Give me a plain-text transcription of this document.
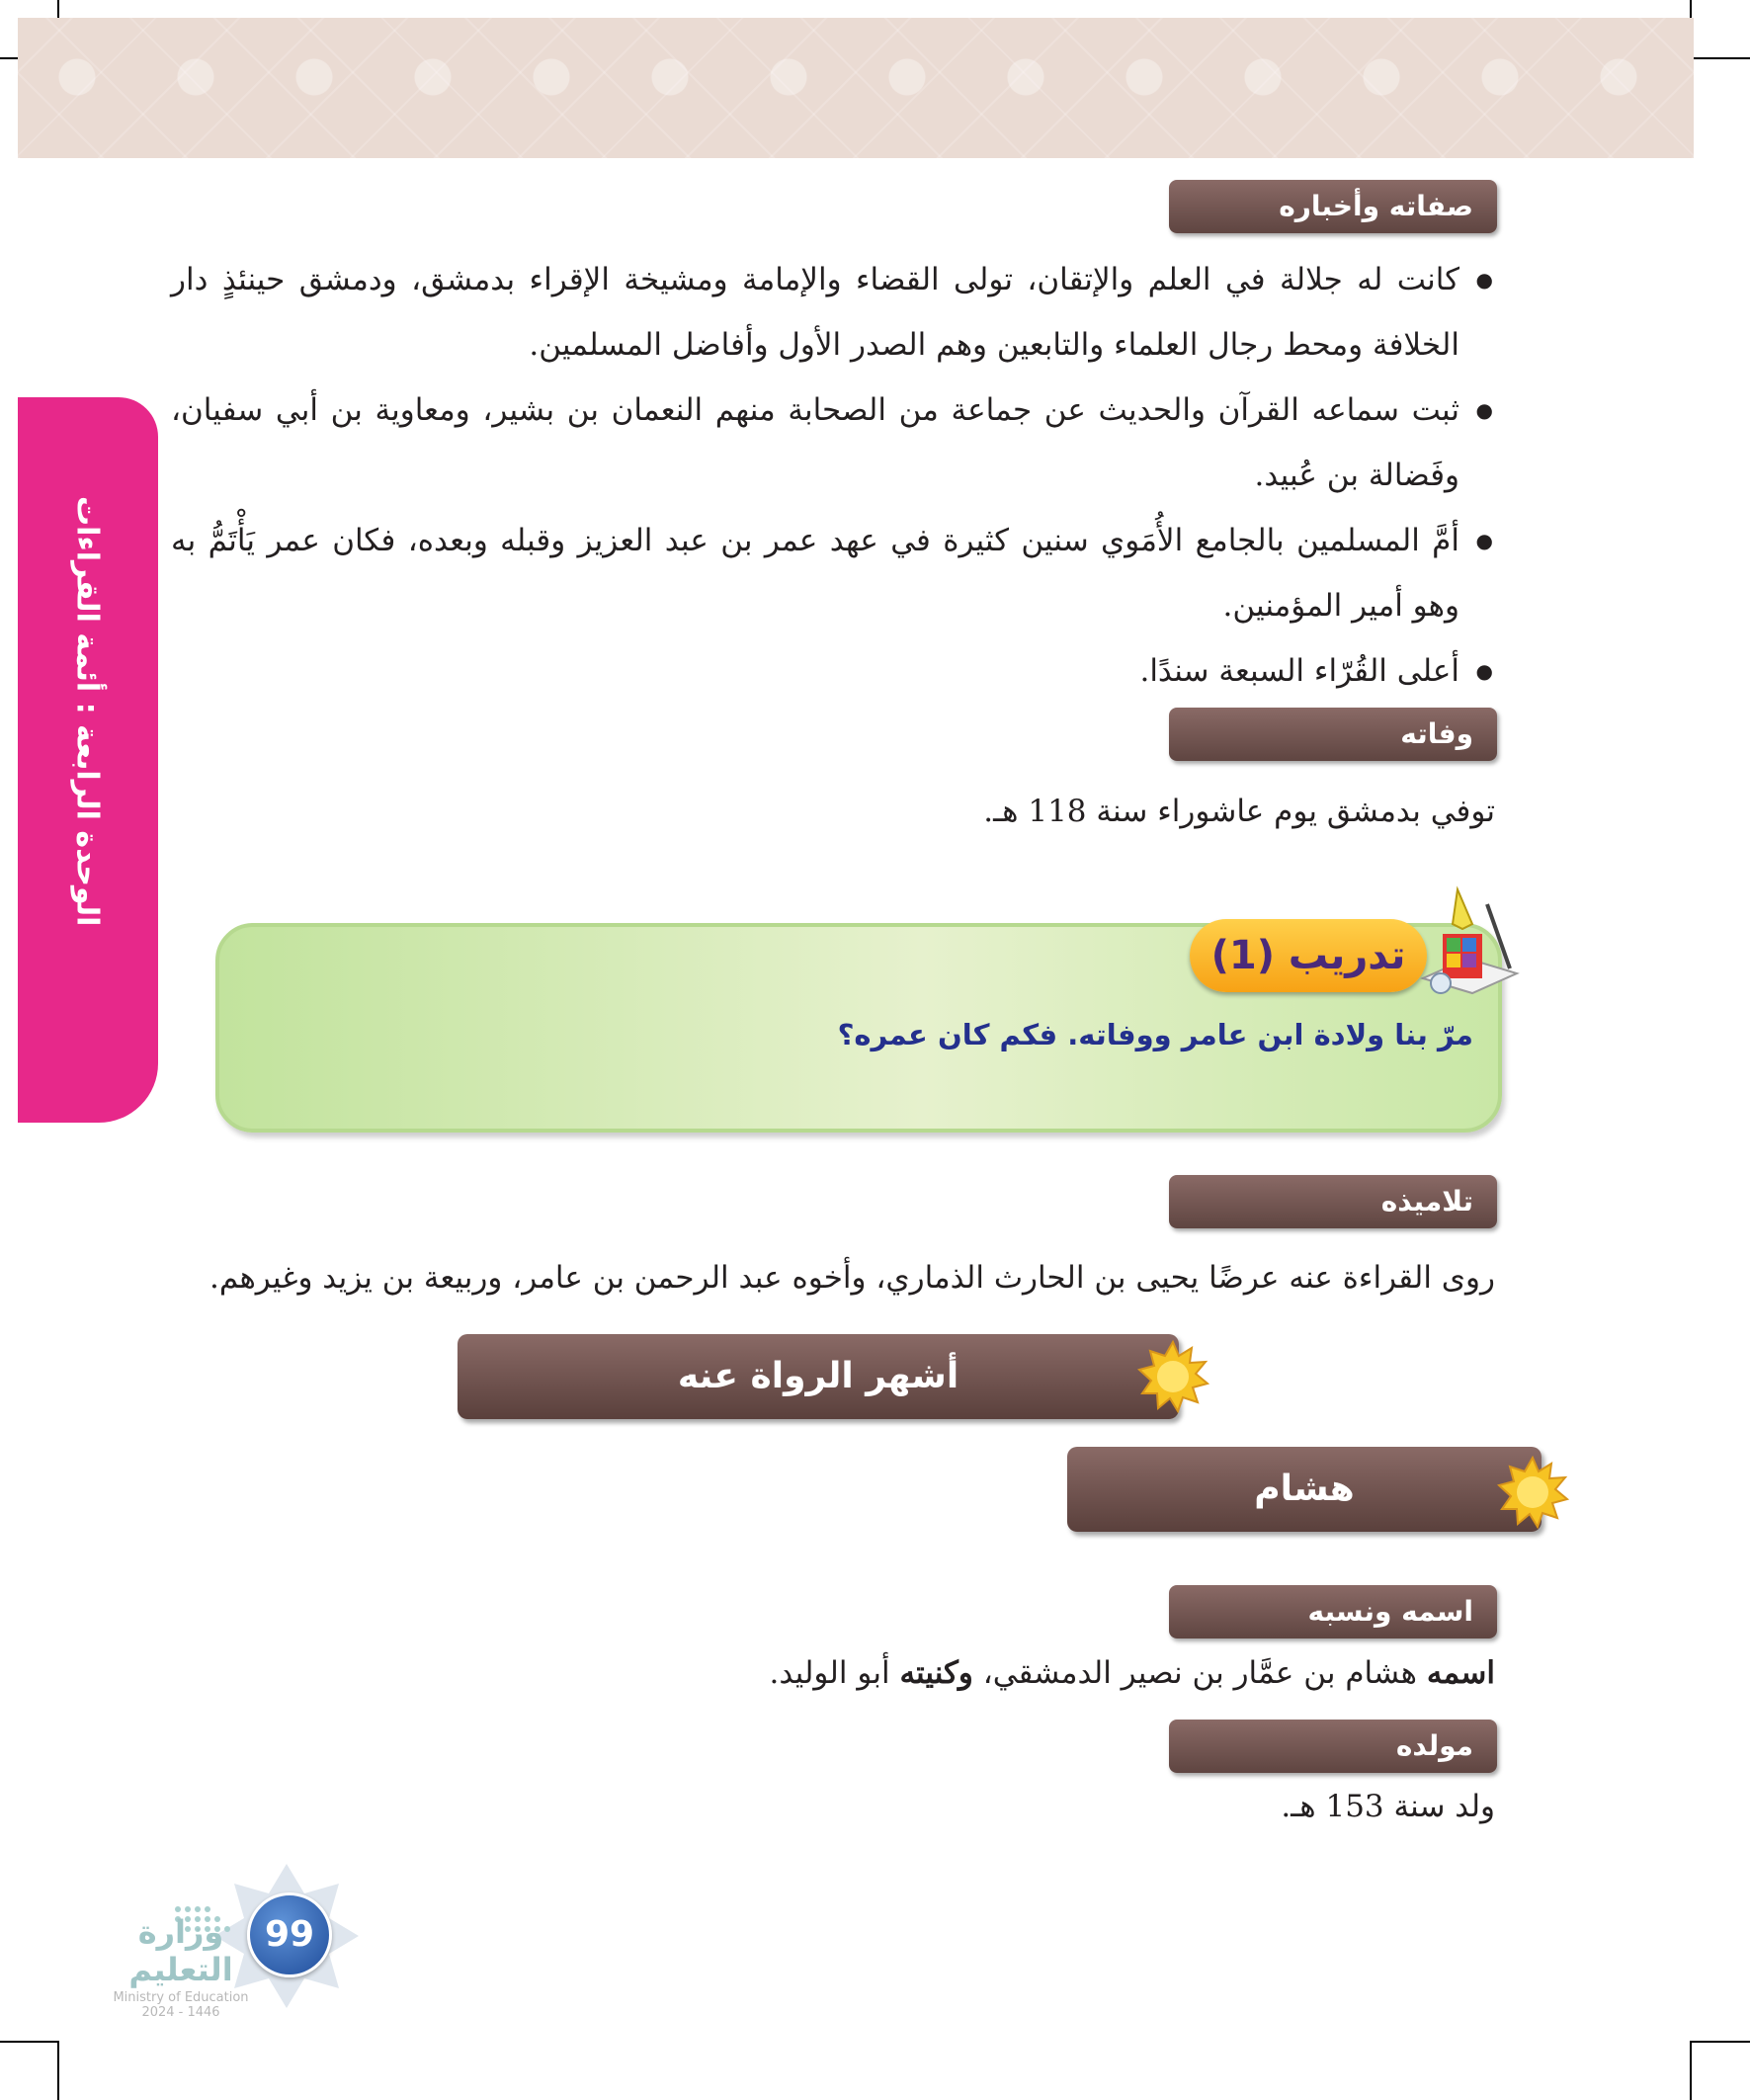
الوحدة الرابعة : أئمة القراءات
صفاته وأخباره
● كانت له جلالة في العلم والإتقان، تولى القضاء والإمامة ومشيخة الإقراء بدمشق، ودمشق حينئذٍ دار الخلافة ومحط رجال العلماء والتابعين وهم الصدر الأول وأفاضل المسلمين.
● ثبت سماعه القرآن والحديث عن جماعة من الصحابة منهم النعمان بن بشير، ومعاوية بن أبي سفيان، وفَضالة بن عُبيد.
● أمَّ المسلمين بالجامع الأُمَوي سنين كثيرة في عهد عمر بن عبد العزيز وقبله وبعده، فكان عمر يَأْتَمُّ به وهو أمير المؤمنين.
● أعلى القُرّاء السبعة سندًا.
وفاته
توفي بدمشق يوم عاشوراء سنة 118 هـ.
تدريب (1)
مرّ بنا ولادة ابن عامر ووفاته. فكم كان عمره؟
تلاميذه
روى القراءة عنه عرضًا يحيى بن الحارث الذماري، وأخوه عبد الرحمن بن عامر، وربيعة بن يزيد وغيرهم.
أشهر الرواة عنه
هشام
اسمه ونسبه
اسمه هشام بن عمَّار بن نصير الدمشقي، وكنيته أبو الوليد.
مولده
ولد سنة 153 هـ.
99
وزارة التعليم
Ministry of Education
2024 - 1446
